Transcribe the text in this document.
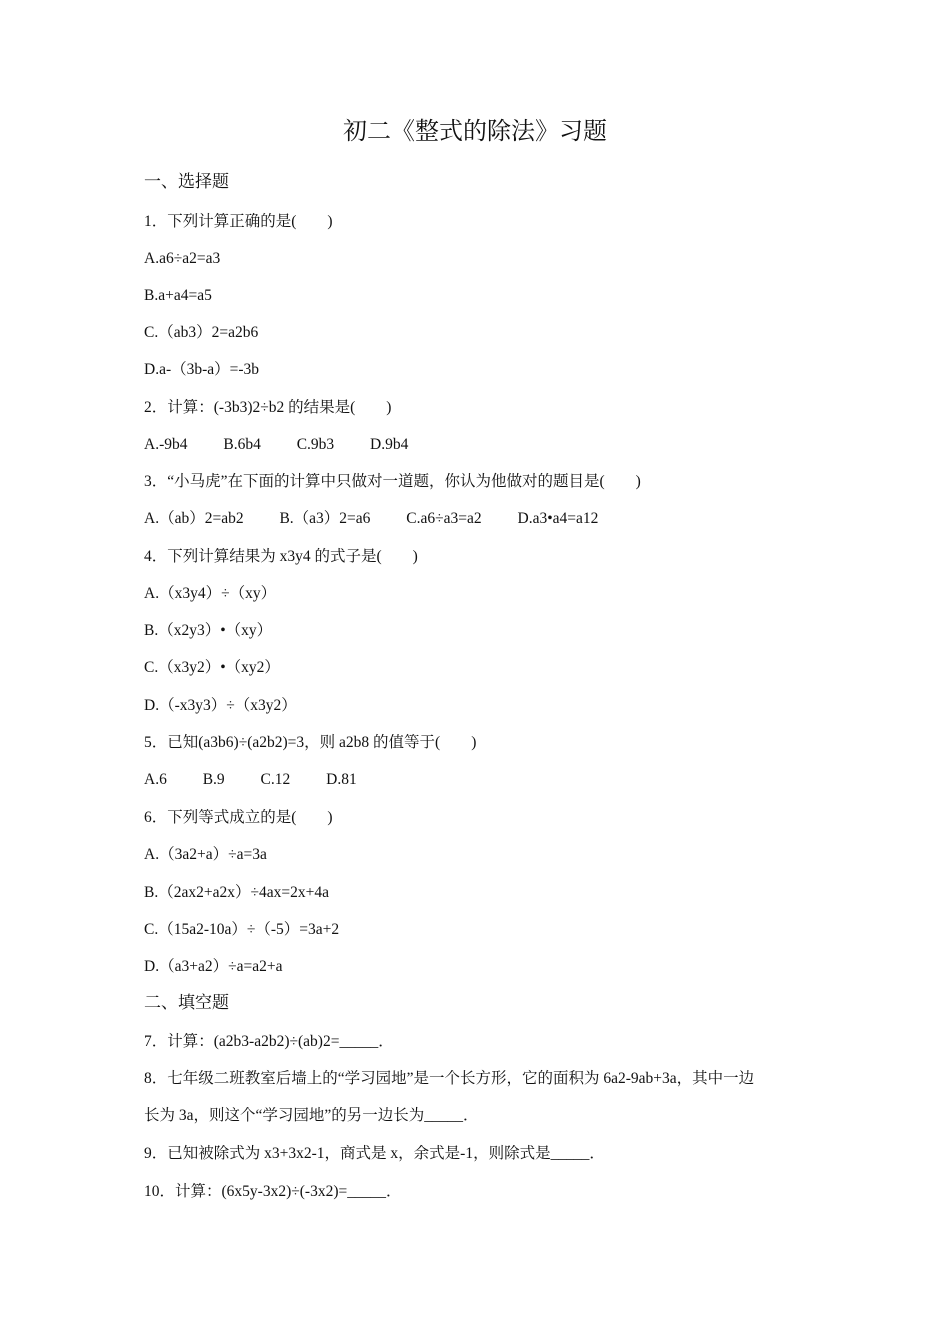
初二《整式的除法》习题
一、选择题
1．下列计算正确的是(　　)
A.a6÷a2=a3
B.a+a4=a5
C.（ab3）2=a2b6
D.a-（3b-a）=-3b
2．计算：(-3b3)2÷b2 的结果是(　　)
A.-9b4 B.6b4 C.9b3 D.9b4
3．“小马虎”在下面的计算中只做对一道题，你认为他做对的题目是(　　)
A.（ab）2=ab2 B.（a3）2=a6 C.a6÷a3=a2 D.a3•a4=a12
4．下列计算结果为 x3y4 的式子是(　　)
A.（x3y4）÷（xy）
B.（x2y3）•（xy）
C.（x3y2）•（xy2）
D.（-x3y3）÷（x3y2）
5．已知(a3b6)÷(a2b2)=3，则 a2b8 的值等于(　　)
A.6 B.9 C.12 D.81
6．下列等式成立的是(　　)
A.（3a2+a）÷a=3a
B.（2ax2+a2x）÷4ax=2x+4a
C.（15a2-10a）÷（-5）=3a+2
D.（a3+a2）÷a=a2+a
二、填空题
7．计算：(a2b3-a2b2)÷(ab)2=_____．
8．七年级二班教室后墙上的“学习园地”是一个长方形，它的面积为 6a2-9ab+3a，其中一边
长为 3a，则这个“学习园地”的另一边长为_____．
9．已知被除式为 x3+3x2-1，商式是 x，余式是-1，则除式是_____．
10．计算：(6x5y-3x2)÷(-3x2)=_____．
